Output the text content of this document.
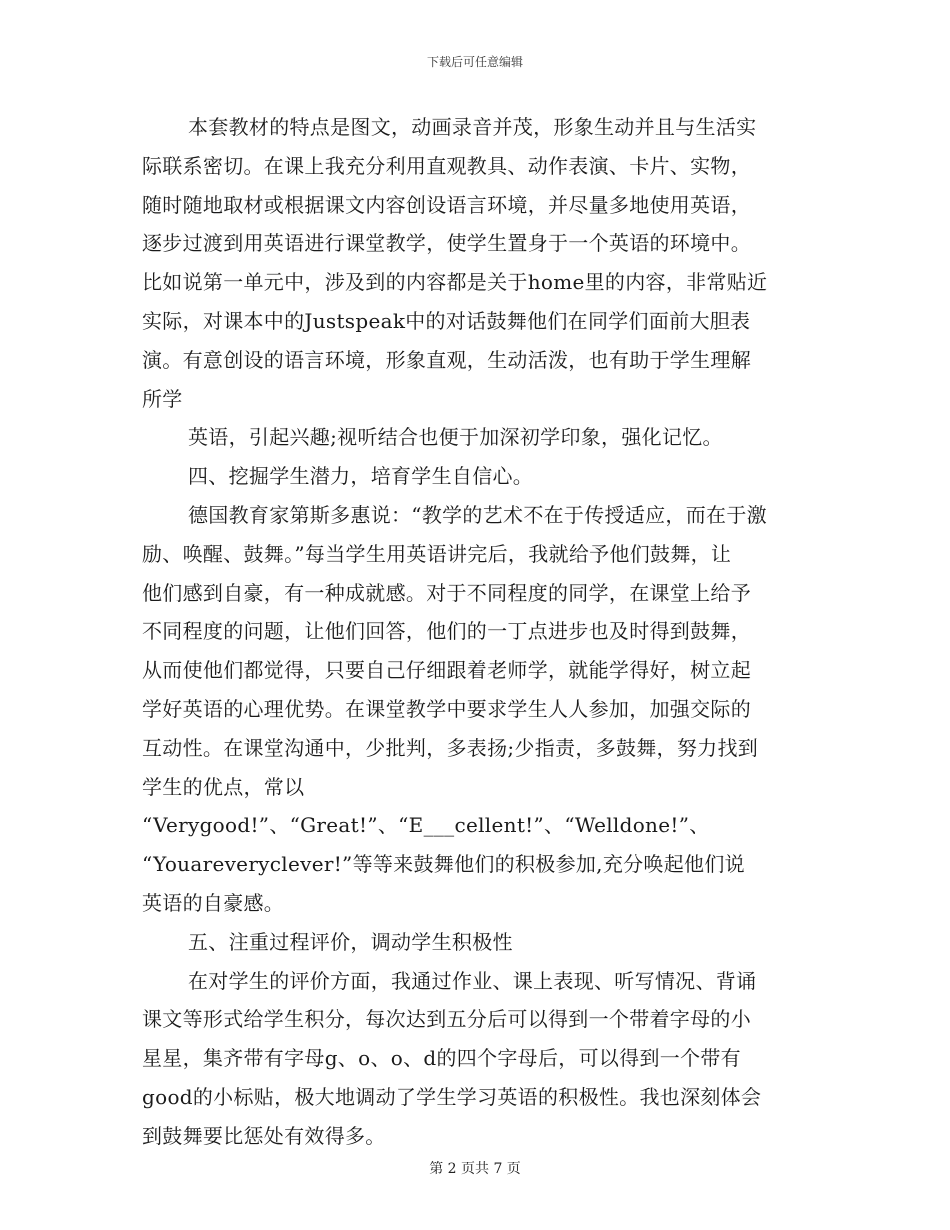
下载后可任意编辑
本套教材的特点是图文，动画录音并茂，形象生动并且与生活实
际联系密切。在课上我充分利用直观教具、动作表演、卡片、实物，
随时随地取材或根据课文内容创设语言环境，并尽量多地使用英语，
逐步过渡到用英语进行课堂教学，使学生置身于一个英语的环境中。
比如说第一单元中，涉及到的内容都是关于home里的内容，非常贴近
实际，对课本中的Justspeak中的对话鼓舞他们在同学们面前大胆表
演。有意创设的语言环境，形象直观，生动活泼，也有助于学生理解
所学
英语，引起兴趣;视听结合也便于加深初学印象，强化记忆。
四、挖掘学生潜力，培育学生自信心。
德国教育家第斯多惠说：“教学的艺术不在于传授适应，而在于激
励、唤醒、鼓舞。”每当学生用英语讲完后，我就给予他们鼓舞，让
他们感到自豪，有一种成就感。对于不同程度的同学，在课堂上给予
不同程度的问题，让他们回答，他们的一丁点进步也及时得到鼓舞，
从而使他们都觉得，只要自己仔细跟着老师学，就能学得好，树立起
学好英语的心理优势。在课堂教学中要求学生人人参加，加强交际的
互动性。在课堂沟通中，少批判，多表扬;少指责，多鼓舞，努力找到
学生的优点，常以
“Verygood!”、“Great!”、“E___cellent!”、“Welldone!”、
“Youareveryclever!”等等来鼓舞他们的积极参加,充分唤起他们说
英语的自豪感。
五、注重过程评价，调动学生积极性
在对学生的评价方面，我通过作业、课上表现、听写情况、背诵
课文等形式给学生积分，每次达到五分后可以得到一个带着字母的小
星星，集齐带有字母g、o、o、d的四个字母后，可以得到一个带有
good的小标贴，极大地调动了学生学习英语的积极性。我也深刻体会
到鼓舞要比惩处有效得多。
第 2 页共 7 页
